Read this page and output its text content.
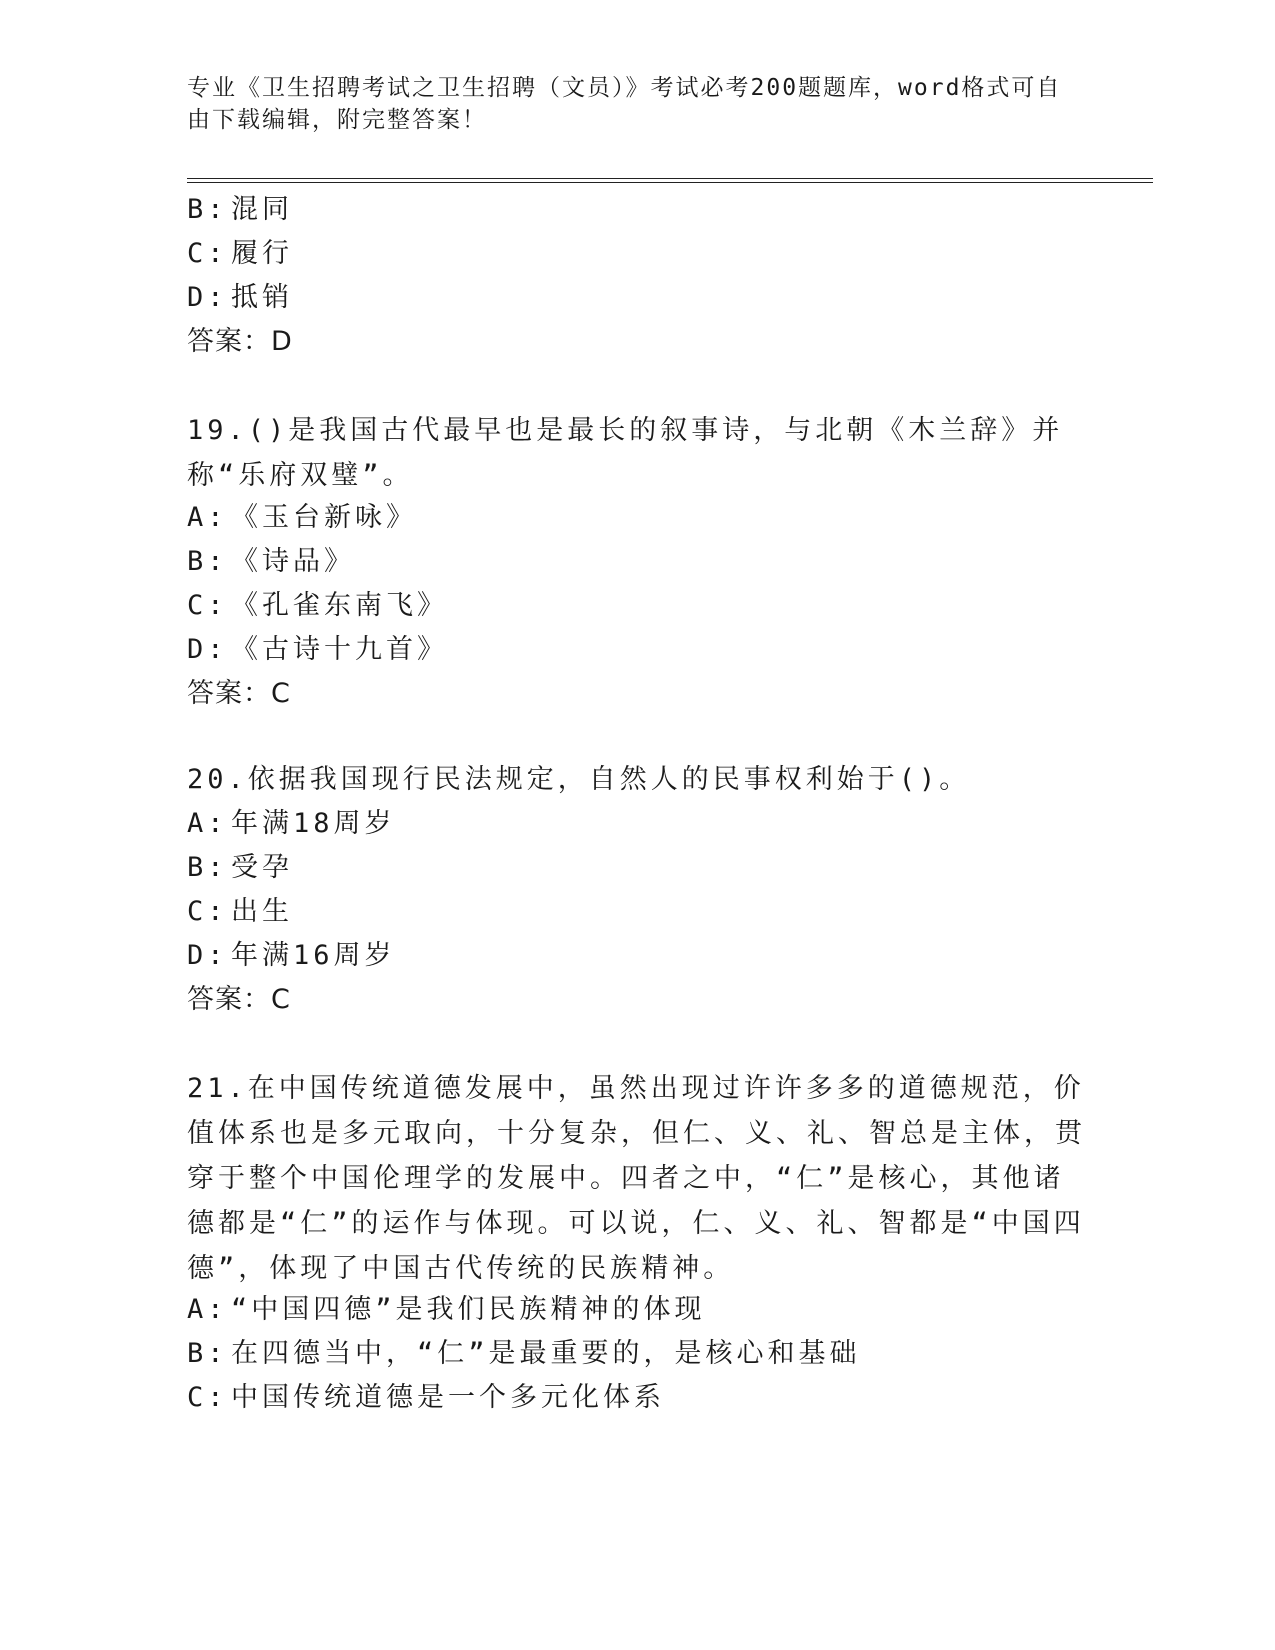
专业《卫生招聘考试之卫生招聘（文员）》考试必考200题题库，word格式可自由下载编辑，附完整答案！
B: 混同
C: 履行
D: 抵销
答案：D
19.()是我国古代最早也是最长的叙事诗，与北朝《木兰辞》并称“乐府双璧”。
A: 《玉台新咏》
B: 《诗品》
C: 《孔雀东南飞》
D: 《古诗十九首》
答案：C
20.依据我国现行民法规定，自然人的民事权利始于()。
A: 年满18周岁
B: 受孕
C: 出生
D: 年满16周岁
答案：C
21.在中国传统道德发展中，虽然出现过许许多多的道德规范，价值体系也是多元取向，十分复杂，但仁、义、礼、智总是主体，贯穿于整个中国伦理学的发展中。四者之中，“仁”是核心，其他诸德都是“仁”的运作与体现。可以说，仁、义、礼、智都是“中国四德”，体现了中国古代传统的民族精神。
A: “中国四德”是我们民族精神的体现
B: 在四德当中，“仁”是最重要的，是核心和基础
C: 中国传统道德是一个多元化体系
